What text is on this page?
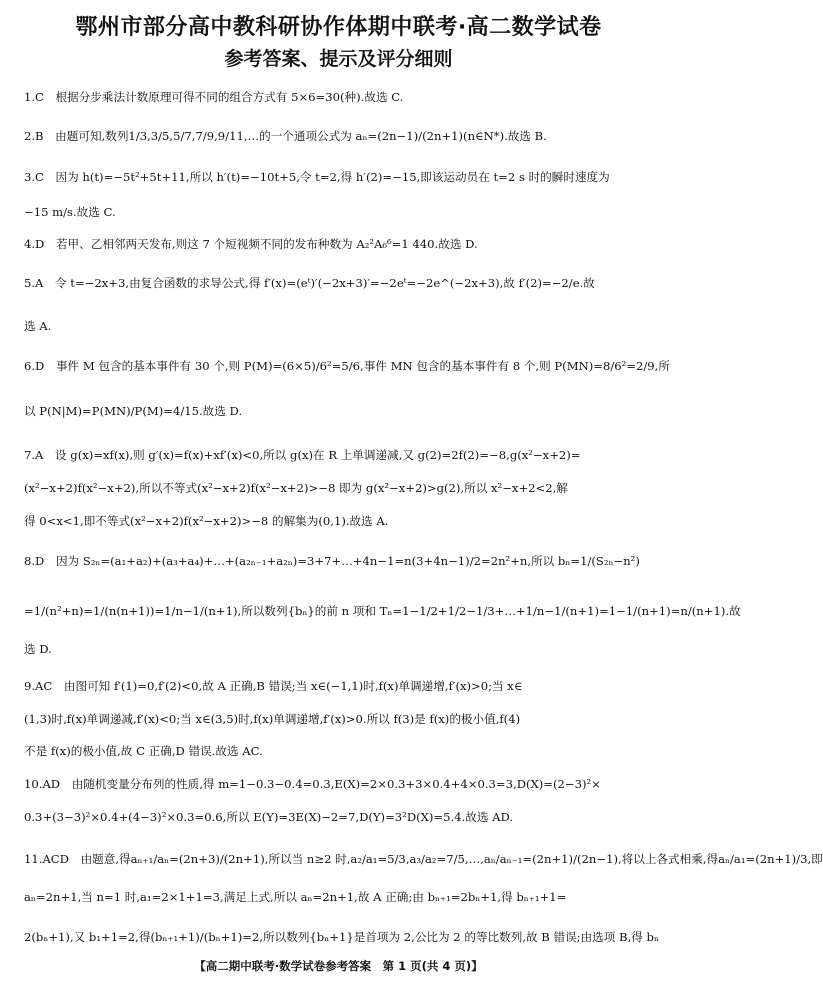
鄂州市部分高中教科研协作体期中联考·高二数学试卷
参考答案、提示及评分细则
1.C　根据分步乘法计数原理可得不同的组合方式有 5×6=30(种).故选 C.
2.B　由题可知,数列1/3,3/5,5/7,7/9,9/11,…的一个通项公式为 aₙ=(2n−1)/(2n+1)(n∈N*).故选 B.
3.C　因为 h(t)=−5t²+5t+11,所以 h′(t)=−10t+5,令 t=2,得 h′(2)=−15,即该运动员在 t=2 s 时的瞬时速度为
−15 m/s.故选 C.
4.D　若甲、乙相邻两天发布,则这 7 个短视频不同的发布种数为 A₂²A₆⁶=1 440.故选 D.
5.A　令 t=−2x+3,由复合函数的求导公式,得 f′(x)=(eᵗ)′(−2x+3)′=−2eᵗ=−2e^(−2x+3),故 f′(2)=−2/e.故
选 A.
6.D　事件 M 包含的基本事件有 30 个,则 P(M)=(6×5)/6²=5/6,事件 MN 包含的基本事件有 8 个,则 P(MN)=8/6²=2/9,所
以 P(N|M)=P(MN)/P(M)=4/15.故选 D.
7.A　设 g(x)=xf(x),则 g′(x)=f(x)+xf′(x)<0,所以 g(x)在 R 上单调递减,又 g(2)=2f(2)=−8,g(x²−x+2)=
(x²−x+2)f(x²−x+2),所以不等式(x²−x+2)f(x²−x+2)>−8 即为 g(x²−x+2)>g(2),所以 x²−x+2<2,解
得 0<x<1,即不等式(x²−x+2)f(x²−x+2)>−8 的解集为(0,1).故选 A.
8.D　因为 S₂ₙ=(a₁+a₂)+(a₃+a₄)+…+(a₂ₙ₋₁+a₂ₙ)=3+7+…+4n−1=n(3+4n−1)/2=2n²+n,所以 bₙ=1/(S₂ₙ−n²)
=1/(n²+n)=1/(n(n+1))=1/n−1/(n+1),所以数列{bₙ}的前 n 项和 Tₙ=1−1/2+1/2−1/3+…+1/n−1/(n+1)=1−1/(n+1)=n/(n+1).故
选 D.
9.AC　由图可知 f′(1)=0,f′(2)<0,故 A 正确,B 错误;当 x∈(−1,1)时,f(x)单调递增,f′(x)>0;当 x∈
(1,3)时,f(x)单调递减,f′(x)<0;当 x∈(3,5)时,f(x)单调递增,f′(x)>0.所以 f(3)是 f(x)的极小值,f(4)
不是 f(x)的极小值,故 C 正确,D 错误.故选 AC.
10.AD　由随机变量分布列的性质,得 m=1−0.3−0.4=0.3,E(X)=2×0.3+3×0.4+4×0.3=3,D(X)=(2−3)²×
0.3+(3−3)²×0.4+(4−3)²×0.3=0.6,所以 E(Y)=3E(X)−2=7,D(Y)=3²D(X)=5.4.故选 AD.
11.ACD　由题意,得aₙ₊₁/aₙ=(2n+3)/(2n+1),所以当 n≥2 时,a₂/a₁=5/3,a₃/a₂=7/5,…,aₙ/aₙ₋₁=(2n+1)/(2n−1),将以上各式相乘,得aₙ/a₁=(2n+1)/3,即
aₙ=2n+1,当 n=1 时,a₁=2×1+1=3,满足上式,所以 aₙ=2n+1,故 A 正确;由 bₙ₊₁=2bₙ+1,得 bₙ₊₁+1=
2(bₙ+1),又 b₁+1=2,得(bₙ₊₁+1)/(bₙ+1)=2,所以数列{bₙ+1}是首项为 2,公比为 2 的等比数列,故 B 错误;由选项 B,得 bₙ
【高二期中联考·数学试卷参考答案　第 1 页(共 4 页)】
